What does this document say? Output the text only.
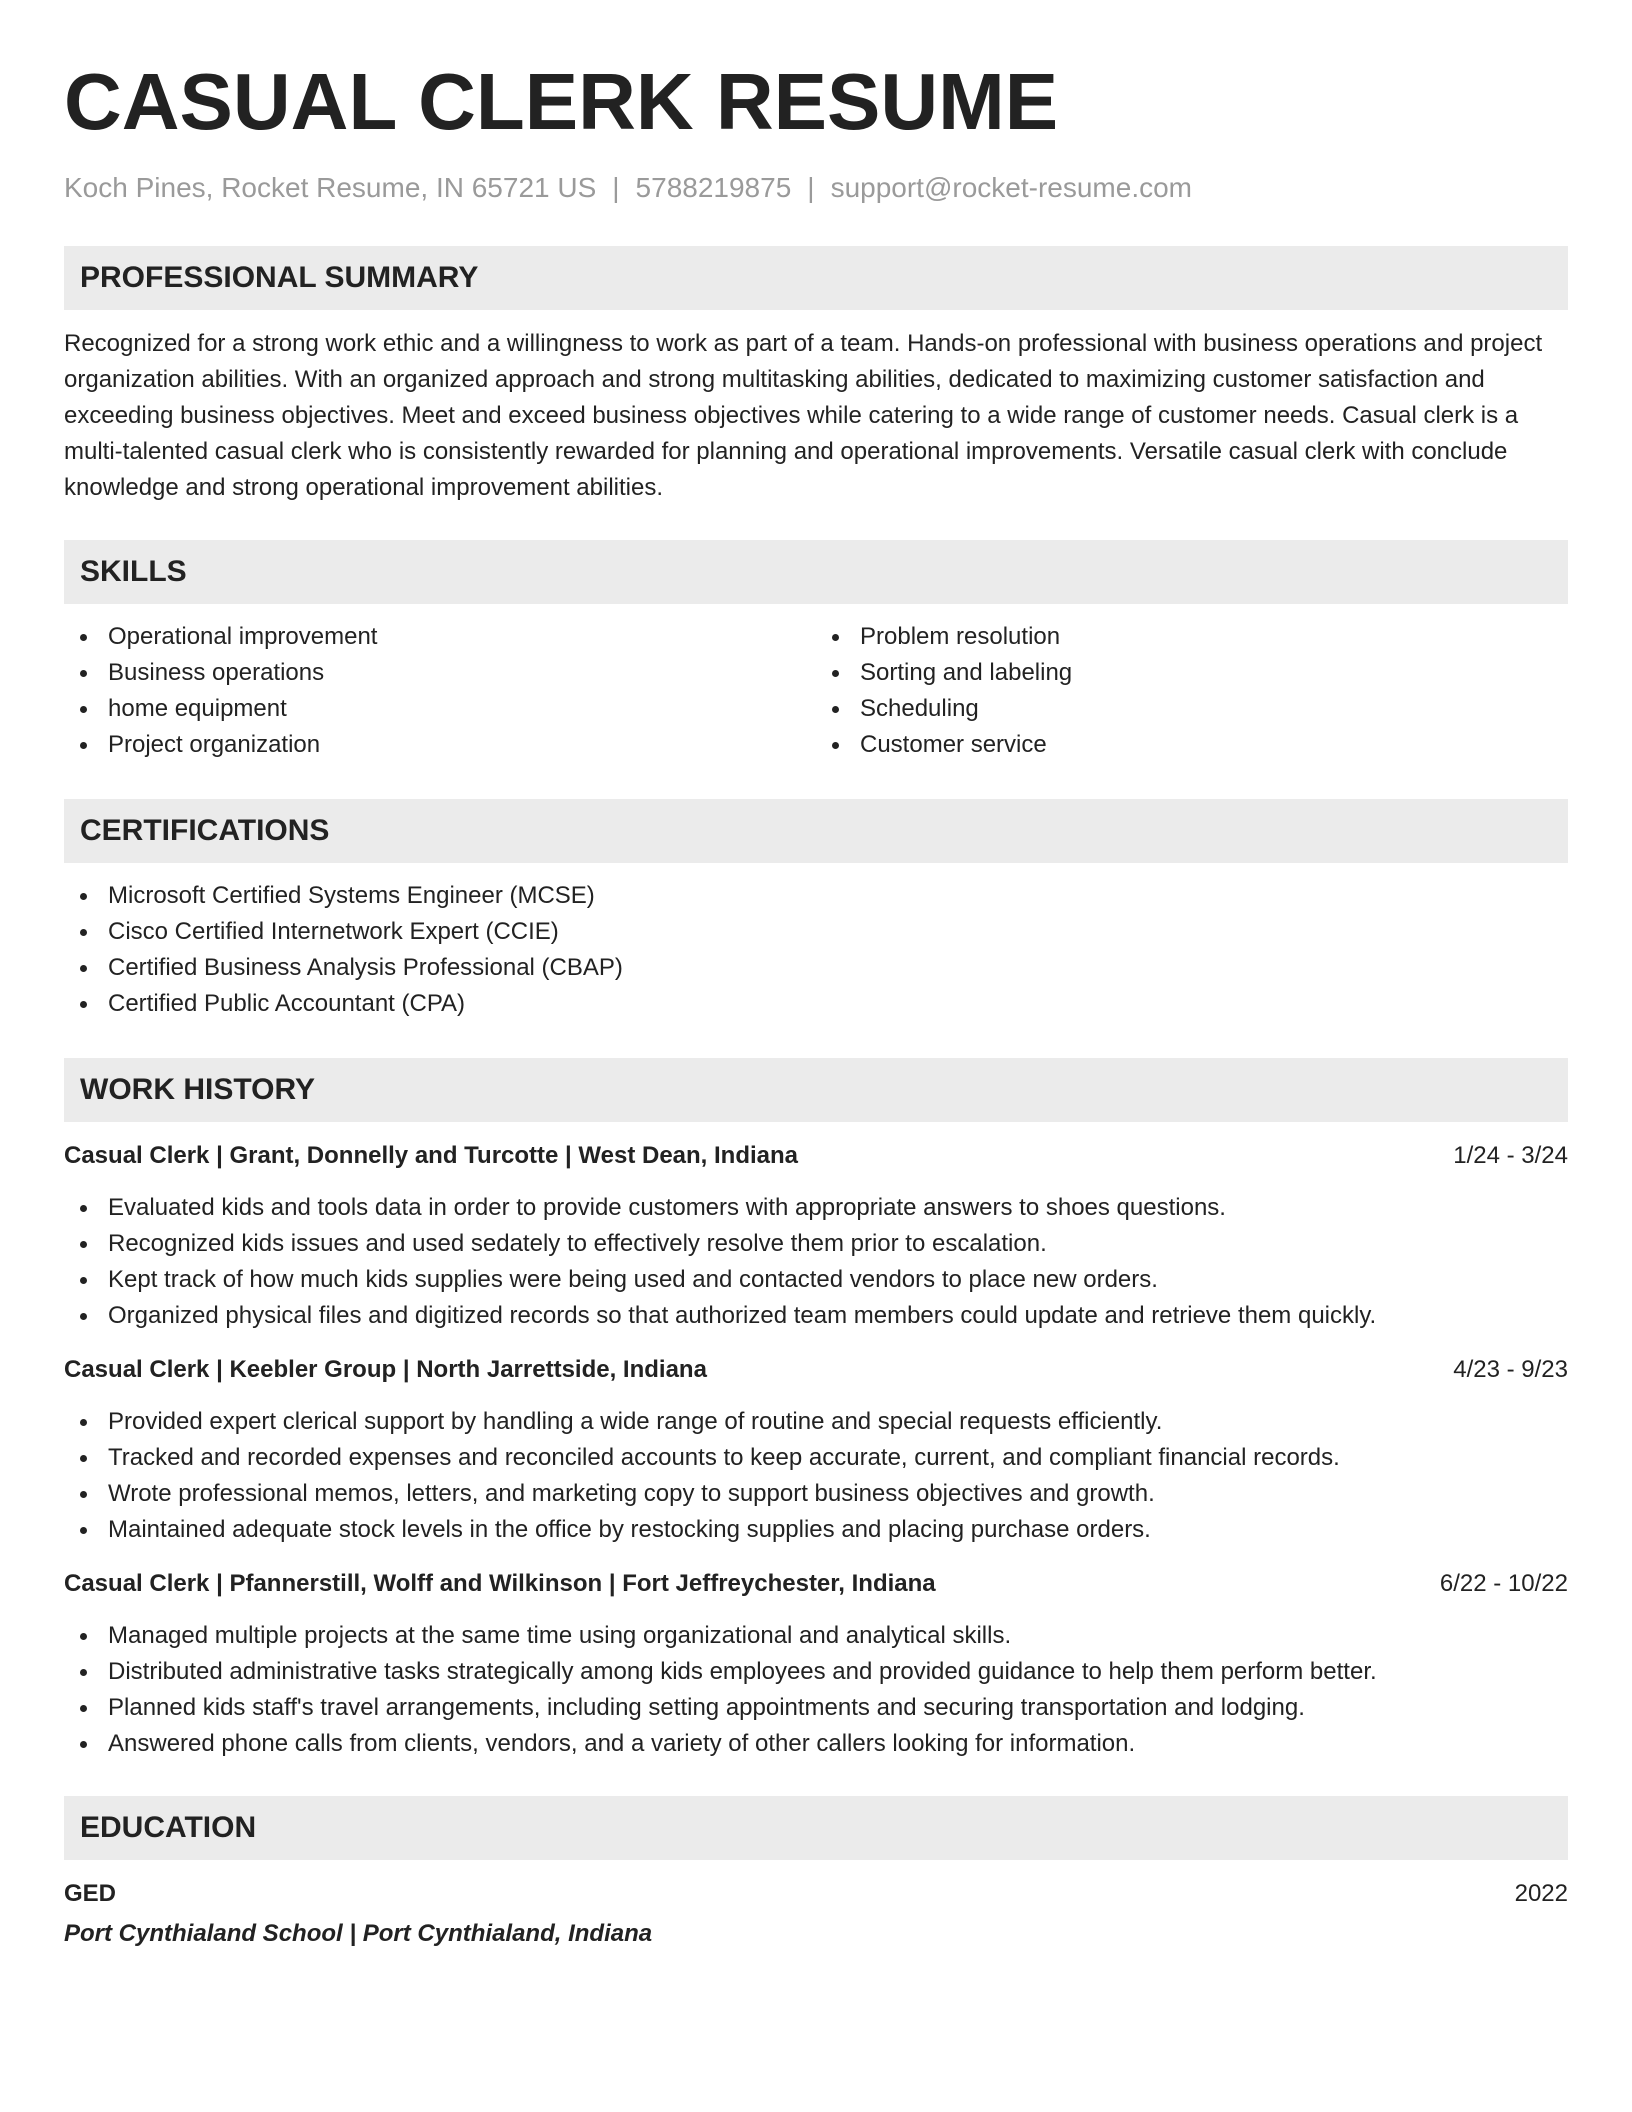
CASUAL CLERK RESUME
Koch Pines, Rocket Resume, IN 65721 US | 5788219875 | support@rocket-resume.com
PROFESSIONAL SUMMARY

Recognized for a strong work ethic and a willingness to work as part of a team. Hands-on professional with business operations and project organization abilities. With an organized approach and strong multitasking abilities, dedicated to maximizing customer satisfaction and exceeding business objectives. Meet and exceed business objectives while catering to a wide range of customer needs. Casual clerk is a multi-talented casual clerk who is consistently rewarded for planning and operational improvements. Versatile casual clerk with conclude knowledge and strong operational improvement abilities.

SKILLS
Operational improvement
Business operations
home equipment
Project organization
Problem resolution
Sorting and labeling
Scheduling
Customer service
CERTIFICATIONS
Microsoft Certified Systems Engineer (MCSE)
Cisco Certified Internetwork Expert (CCIE)
Certified Business Analysis Professional (CBAP)
Certified Public Accountant (CPA)
WORK HISTORY
Casual Clerk | Grant, Donnelly and Turcotte | West Dean, Indiana	1/24 - 3/24
Evaluated kids and tools data in order to provide customers with appropriate answers to shoes questions.
Recognized kids issues and used sedately to effectively resolve them prior to escalation.
Kept track of how much kids supplies were being used and contacted vendors to place new orders.
Organized physical files and digitized records so that authorized team members could update and retrieve them quickly.
Casual Clerk | Keebler Group | North Jarrettside, Indiana	4/23 - 9/23
Provided expert clerical support by handling a wide range of routine and special requests efficiently.
Tracked and recorded expenses and reconciled accounts to keep accurate, current, and compliant financial records.
Wrote professional memos, letters, and marketing copy to support business objectives and growth.
Maintained adequate stock levels in the office by restocking supplies and placing purchase orders.
Casual Clerk | Pfannerstill, Wolff and Wilkinson | Fort Jeffreychester, Indiana	6/22 - 10/22
Managed multiple projects at the same time using organizational and analytical skills.
Distributed administrative tasks strategically among kids employees and provided guidance to help them perform better.
Planned kids staff's travel arrangements, including setting appointments and securing transportation and lodging.
Answered phone calls from clients, vendors, and a variety of other callers looking for information.
EDUCATION
GED	2022
Port Cynthialand School | Port Cynthialand, Indiana
